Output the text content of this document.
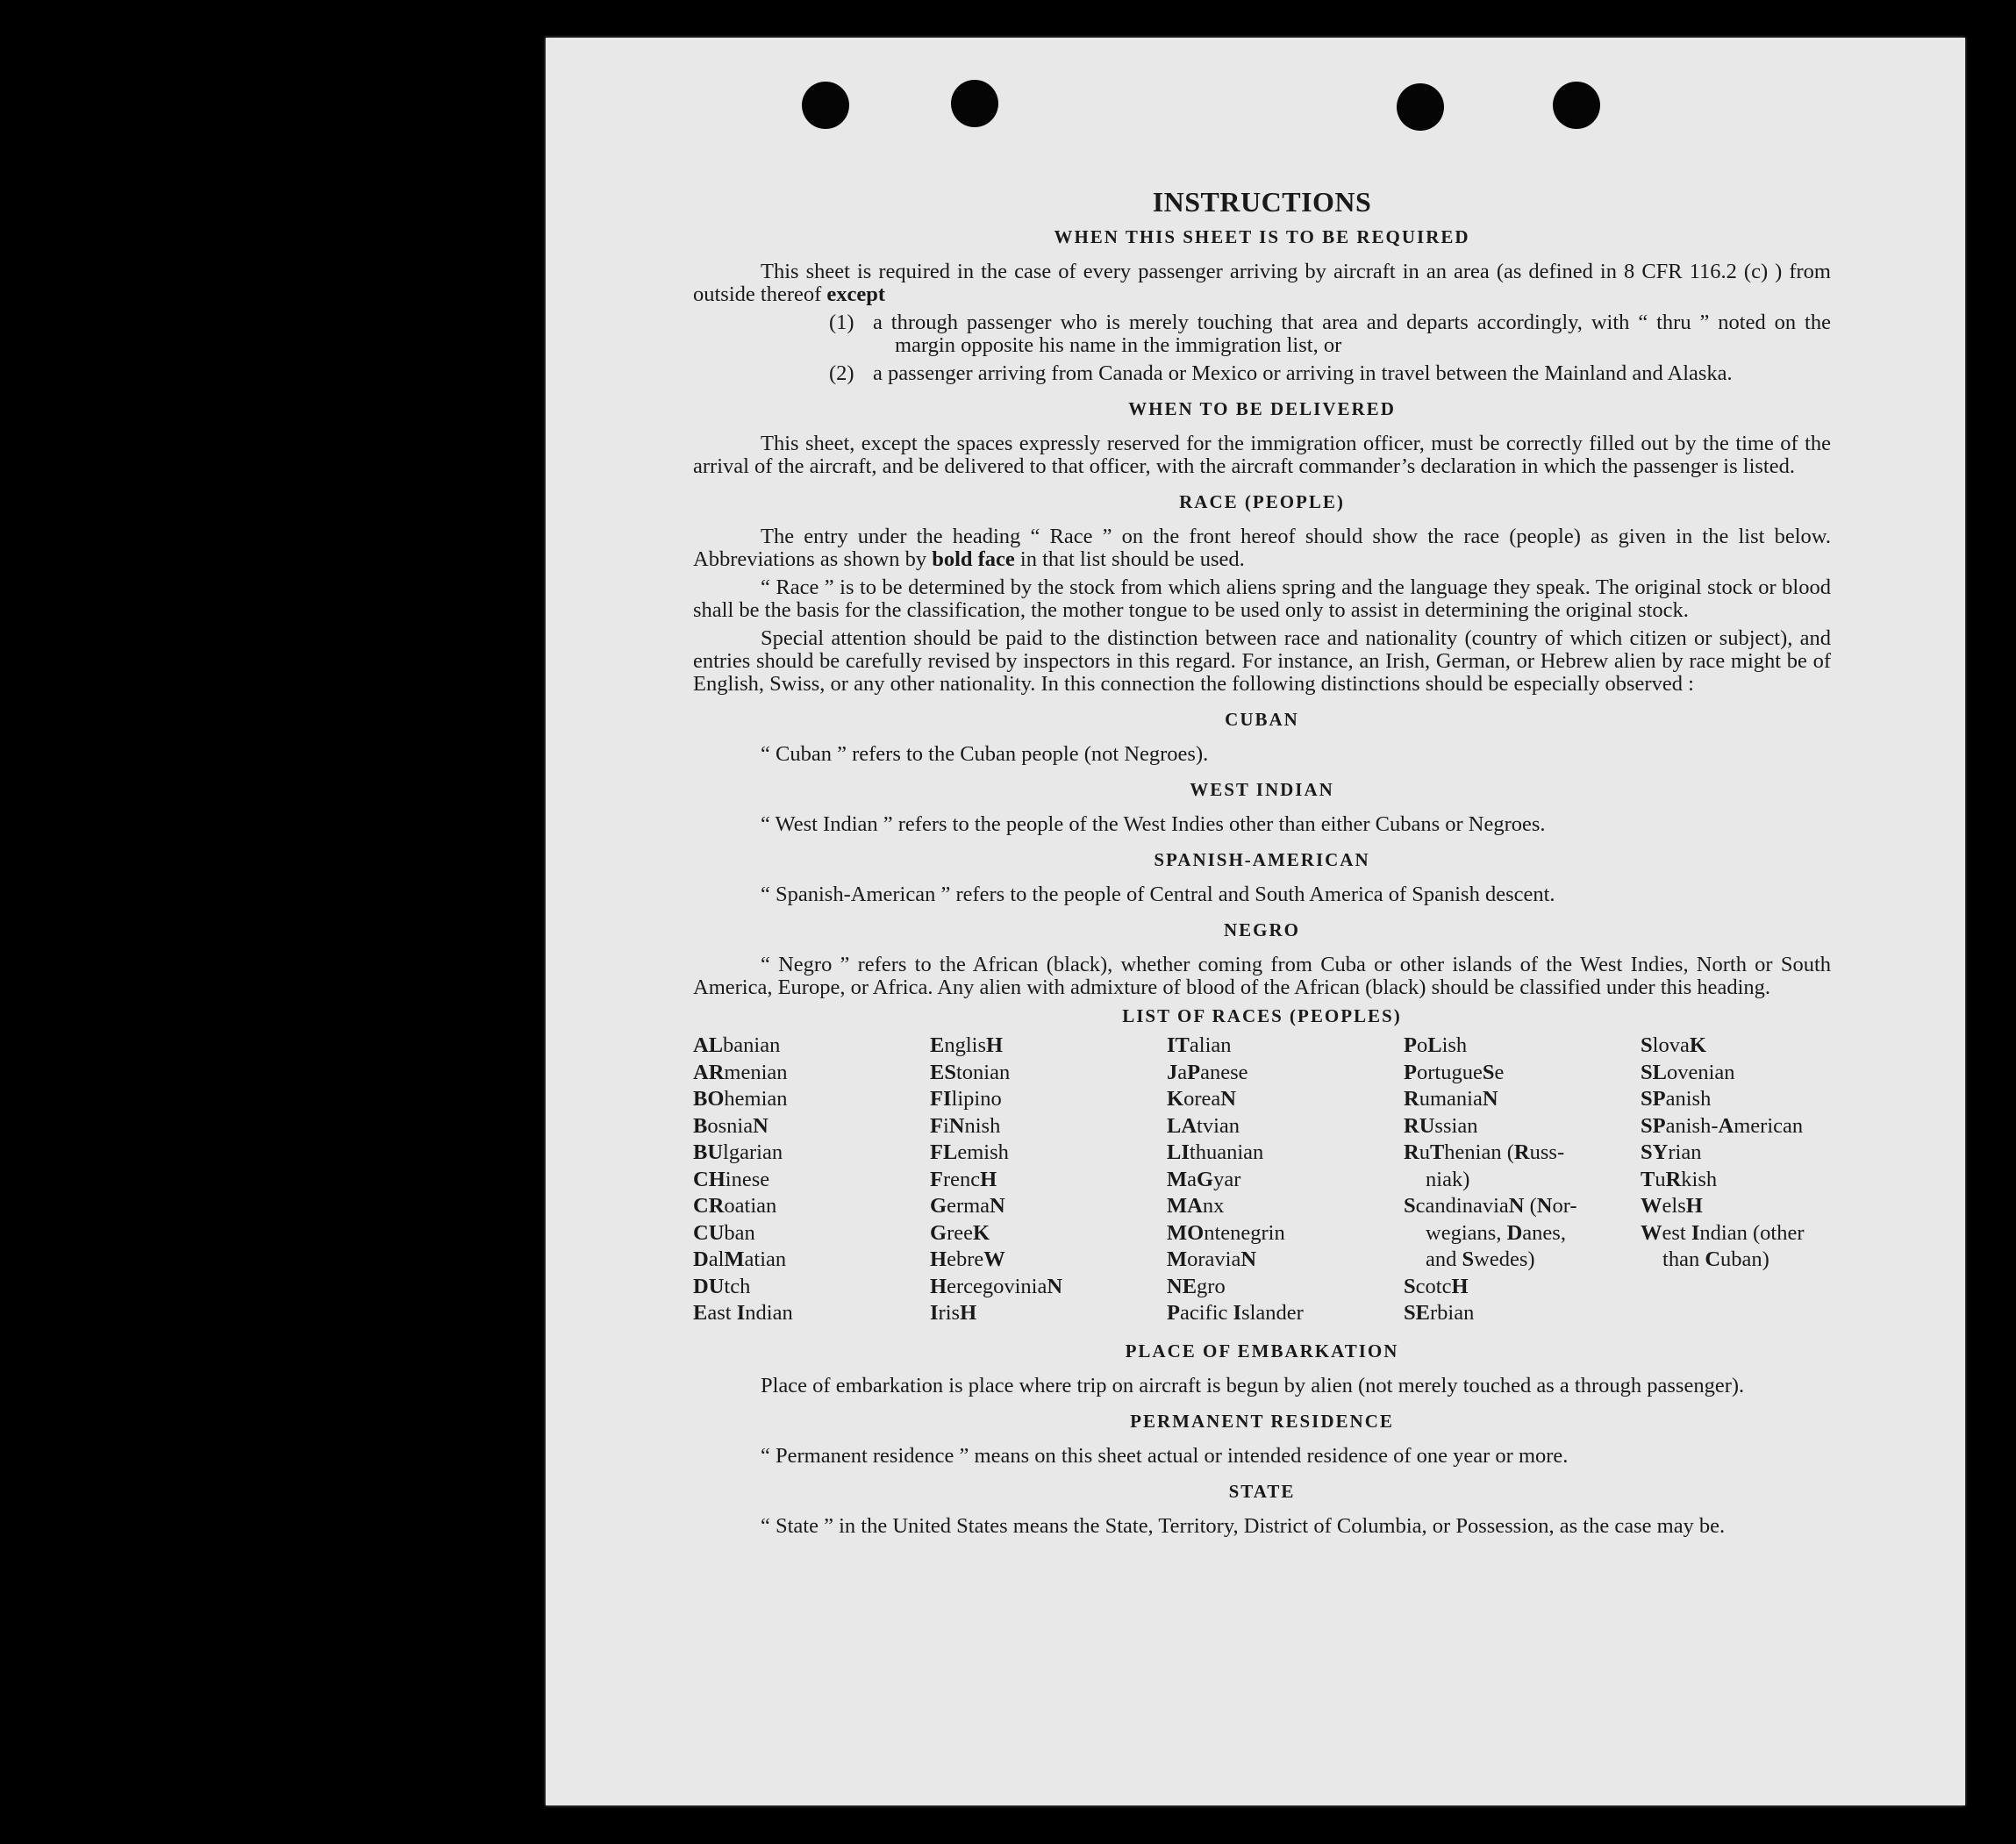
INSTRUCTIONS
WHEN THIS SHEET IS TO BE REQUIRED

This sheet is required in the case of every passenger arriving by aircraft in an area (as defined in 8 CFR 116.2 (c) ) from outside thereof except

(1) a through passenger who is merely touching that area and departs accordingly, with “ thru ” noted on the margin opposite his name in the immigration list, or
(2) a passenger arriving from Canada or Mexico or arriving in travel between the Mainland and Alaska.
WHEN TO BE DELIVERED

This sheet, except the spaces expressly reserved for the immigration officer, must be correctly filled out by the time of the arrival of the aircraft, and be delivered to that officer, with the aircraft commander’s declaration in which the passenger is listed.

RACE (PEOPLE)

The entry under the heading “ Race ” on the front hereof should show the race (people) as given in the list below. Abbreviations as shown by bold face in that list should be used.

“ Race ” is to be determined by the stock from which aliens spring and the language they speak. The original stock or blood shall be the basis for the classification, the mother tongue to be used only to assist in determining the original stock.

Special attention should be paid to the distinction between race and nationality (country of which citizen or subject), and entries should be carefully revised by inspectors in this regard. For instance, an Irish, German, or Hebrew alien by race might be of English, Swiss, or any other nationality. In this connection the following distinctions should be especially observed :

CUBAN

“ Cuban ” refers to the Cuban people (not Negroes).

WEST INDIAN

“ West Indian ” refers to the people of the West Indies other than either Cubans or Negroes.

SPANISH-AMERICAN

“ Spanish-American ” refers to the people of Central and South America of Spanish descent.

NEGRO

“ Negro ” refers to the African (black), whether coming from Cuba or other islands of the West Indies, North or South America, Europe, or Africa. Any alien with admixture of blood of the African (black) should be classified under this heading.

LIST OF RACES (PEOPLES)
ALbanian
ARmenian
BOhemian
BosniaN
BUlgarian
CHinese
CRoatian
CUban
DalMatian
DUtch
East Indian
EnglisH
EStonian
FIlipino
FiNnish
FLemish
FrencH
GermaN
GreeK
HebreW
HercegoviniaN
IrisH
ITalian
JaPanese
KoreaN
LAtvian
LIthuanian
MaGyar
MAnx
MOntenegrin
MoraviaN
NEgro
Pacific Islander
PoLish
PortugueSe
RumaniaN
RUssian
RuThenian (Russ-
niak)
ScandinaviaN (Nor-
wegians, Danes,
and Swedes)
ScotcH
SErbian
SlovaK
SLovenian
SPanish
SPanish-American
SYrian
TuRkish
WelsH
West Indian (other
than Cuban)
PLACE OF EMBARKATION

Place of embarkation is place where trip on aircraft is begun by alien (not merely touched as a through passenger).

PERMANENT RESIDENCE

“ Permanent residence ” means on this sheet actual or intended residence of one year or more.

STATE

“ State ” in the United States means the State, Territory, District of Columbia, or Possession, as the case may be.
